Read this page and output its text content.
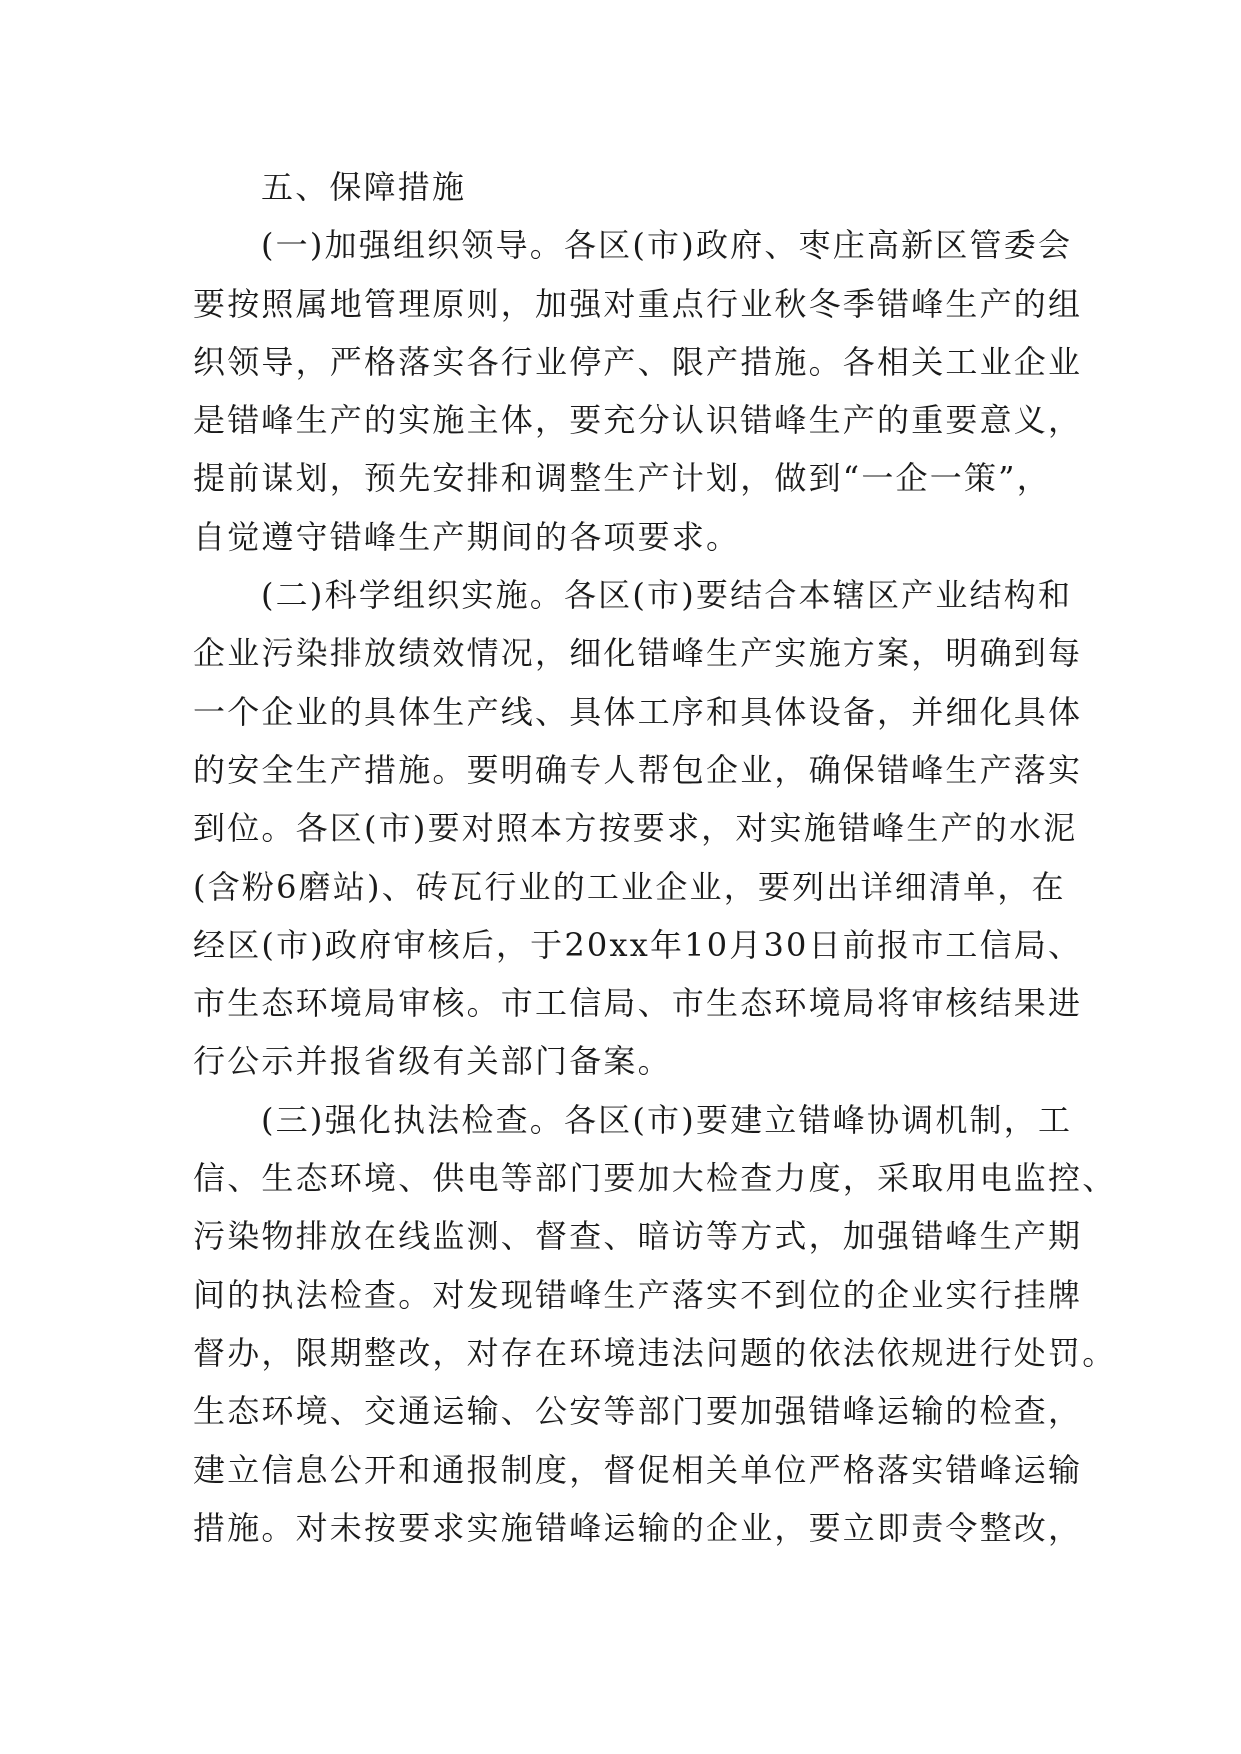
五、保障措施
(一)加强组织领导。各区(市)政府、枣庄高新区管委会
要按照属地管理原则，加强对重点行业秋冬季错峰生产的组
织领导，严格落实各行业停产、限产措施。各相关工业企业
是错峰生产的实施主体，要充分认识错峰生产的重要意义，
提前谋划，预先安排和调整生产计划，做到“一企一策”，
自觉遵守错峰生产期间的各项要求。
(二)科学组织实施。各区(市)要结合本辖区产业结构和
企业污染排放绩效情况，细化错峰生产实施方案，明确到每
一个企业的具体生产线、具体工序和具体设备，并细化具体
的安全生产措施。要明确专人帮包企业，确保错峰生产落实
到位。各区(市)要对照本方按要求，对实施错峰生产的水泥
(含粉6磨站)、砖瓦行业的工业企业，要列出详细清单，在
经区(市)政府审核后，于20xx年10月30日前报市工信局、
市生态环境局审核。市工信局、市生态环境局将审核结果进
行公示并报省级有关部门备案。
(三)强化执法检查。各区(市)要建立错峰协调机制，工
信、生态环境、供电等部门要加大检查力度，采取用电监控、
污染物排放在线监测、督查、暗访等方式，加强错峰生产期
间的执法检查。对发现错峰生产落实不到位的企业实行挂牌
督办，限期整改，对存在环境违法问题的依法依规进行处罚。
生态环境、交通运输、公安等部门要加强错峰运输的检查，
建立信息公开和通报制度，督促相关单位严格落实错峰运输
措施。对未按要求实施错峰运输的企业，要立即责令整改，
